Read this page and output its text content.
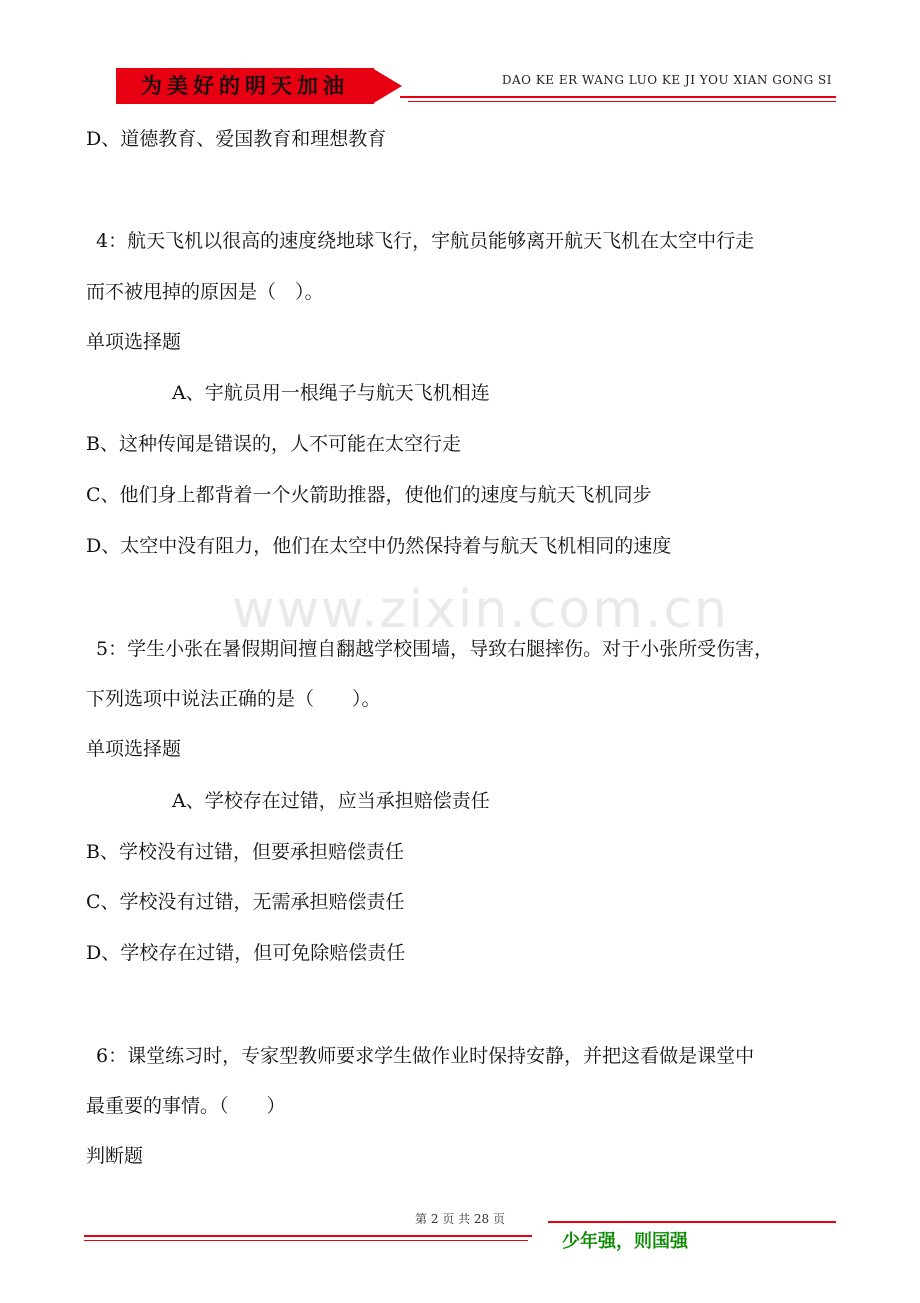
为美好的明天加油	DAO KE ER WANG LUO KE JI YOU XIAN GONG SI
www.zixin.com.cn
D、道德教育、爱国教育和理想教育
4：航天飞机以很高的速度绕地球飞行，宇航员能够离开航天飞机在太空中行走
而不被甩掉的原因是（　）。
单项选择题
A、宇航员用一根绳子与航天飞机相连
B、这种传闻是错误的，人不可能在太空行走
C、他们身上都背着一个火箭助推器，使他们的速度与航天飞机同步
D、太空中没有阻力，他们在太空中仍然保持着与航天飞机相同的速度
5：学生小张在暑假期间擅自翻越学校围墙，导致右腿摔伤。对于小张所受伤害，
下列选项中说法正确的是（　　）。
单项选择题
A、学校存在过错，应当承担赔偿责任
B、学校没有过错，但要承担赔偿责任
C、学校没有过错，无需承担赔偿责任
D、学校存在过错，但可免除赔偿责任
6：课堂练习时，专家型教师要求学生做作业时保持安静，并把这看做是课堂中
最重要的事情。（　　）
判断题
第 2 页 共 28 页
少年强，则国强
